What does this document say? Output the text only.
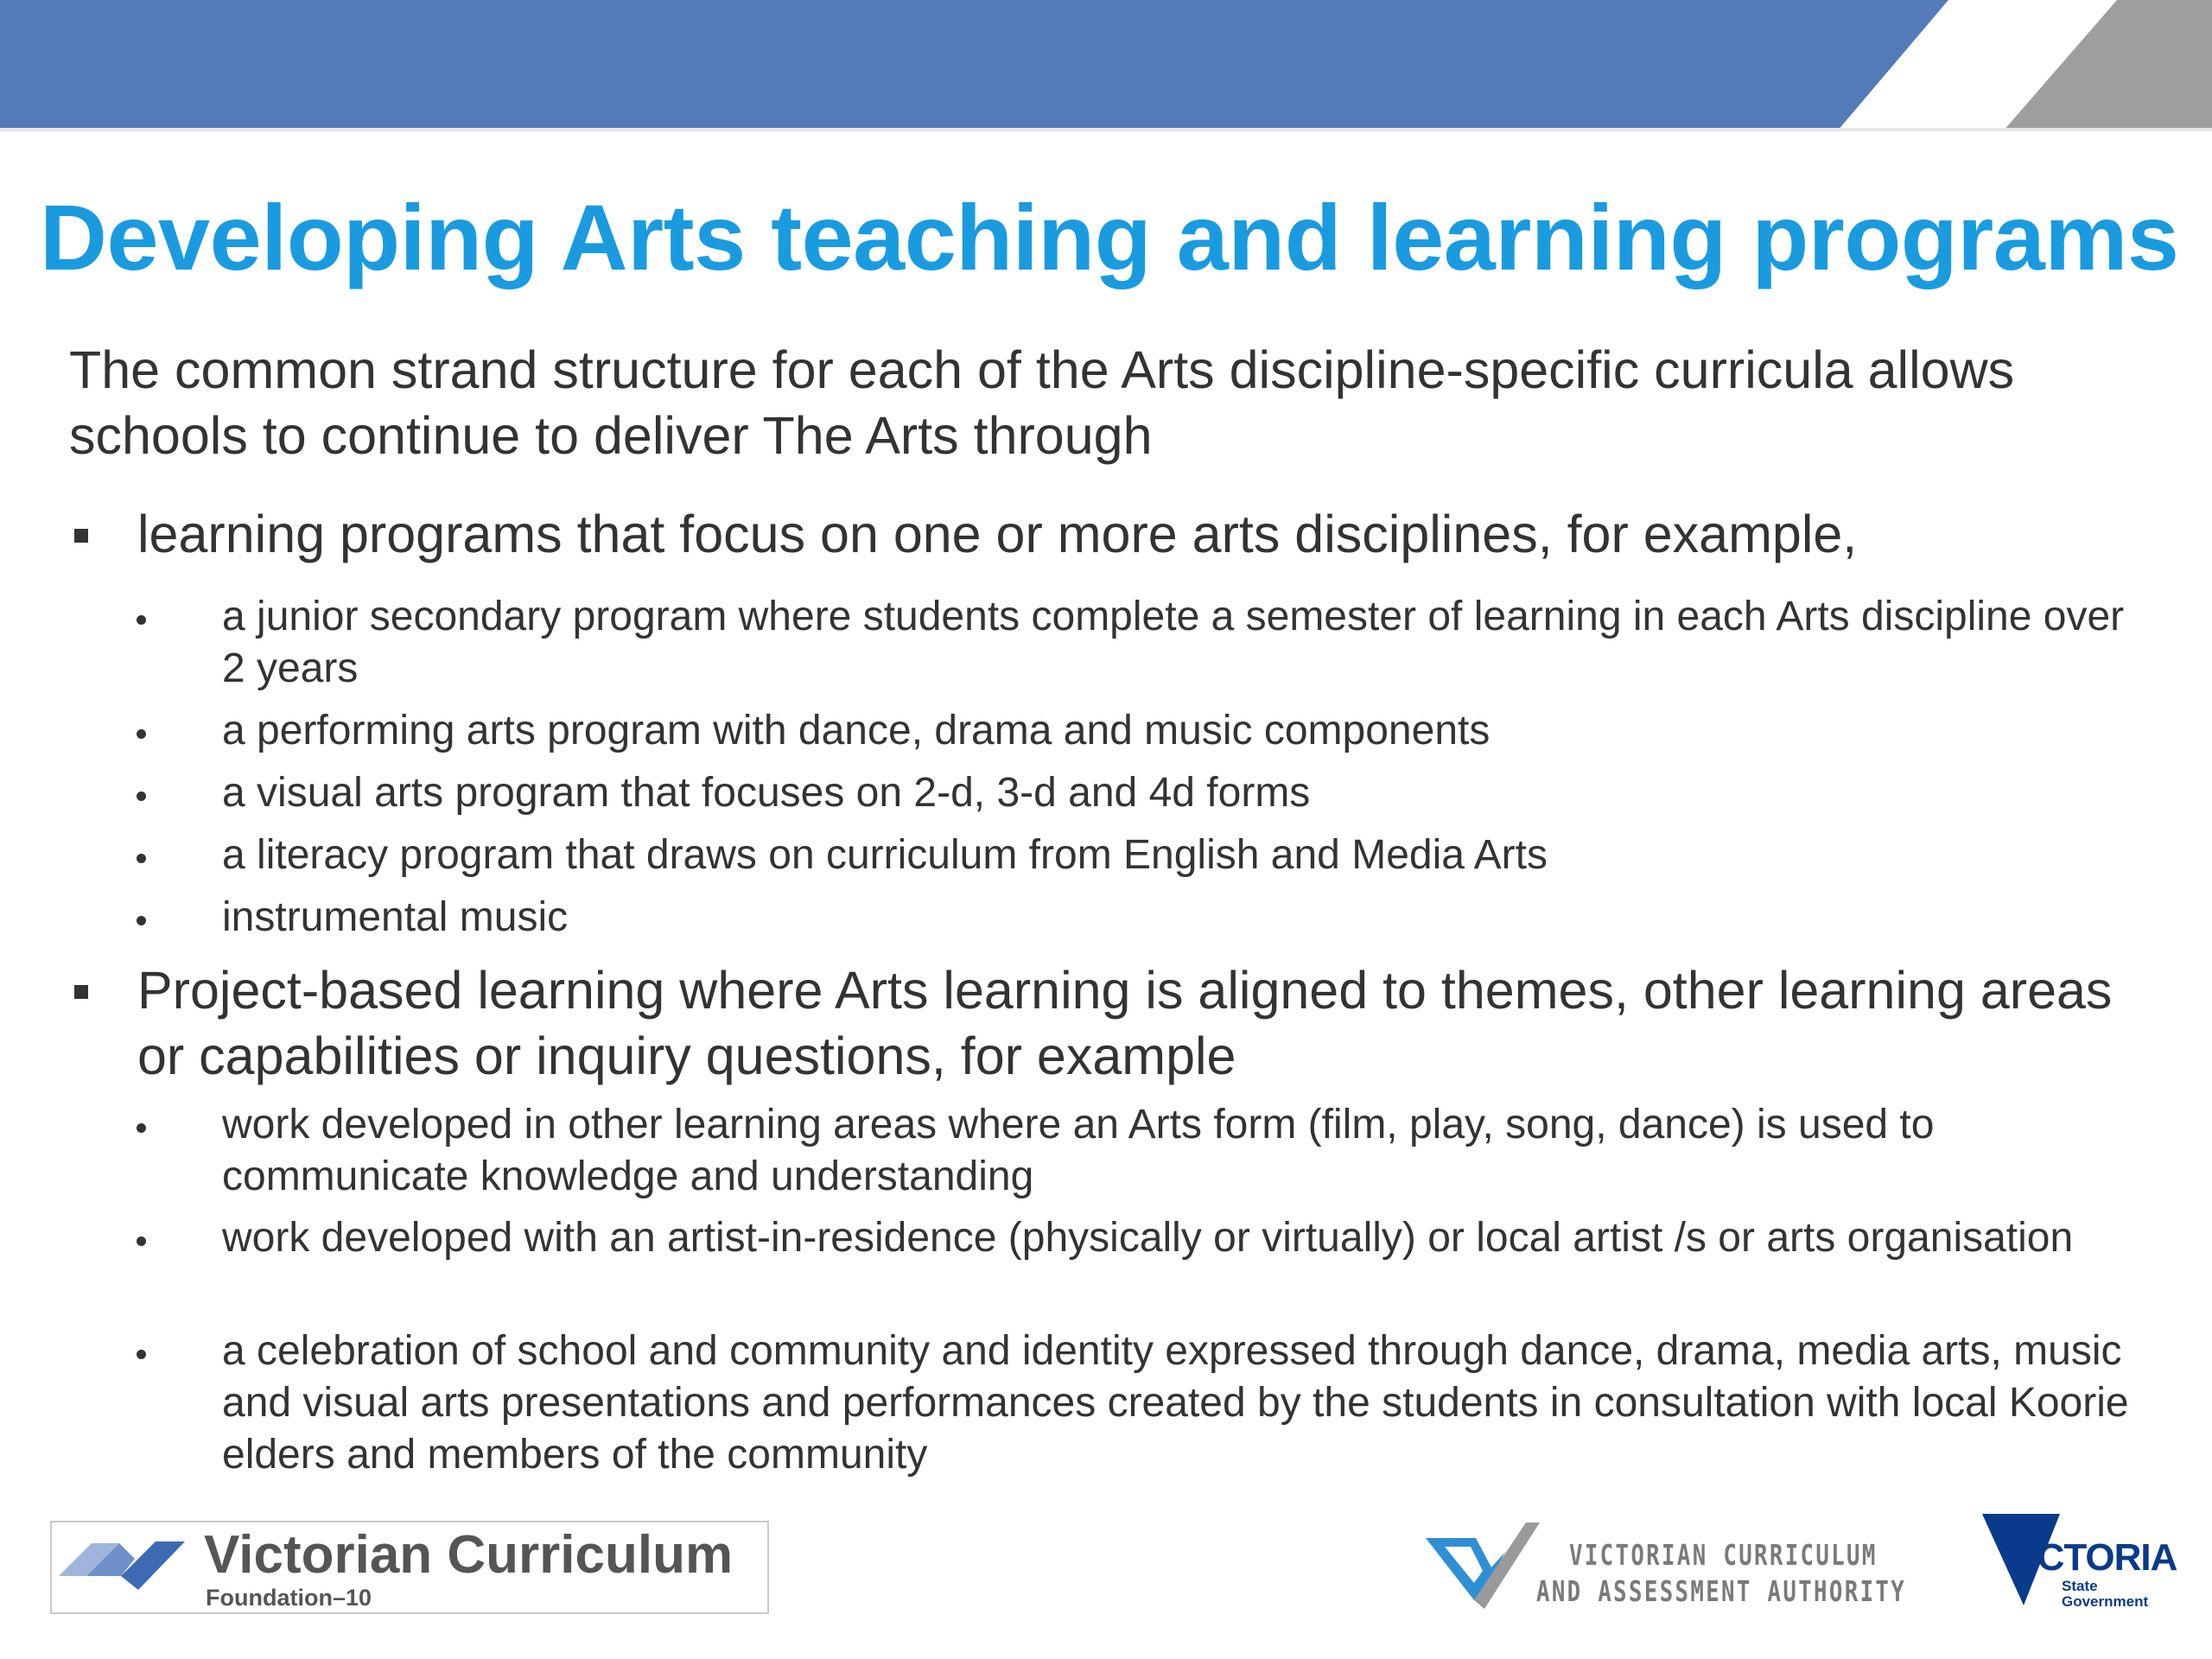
Developing Arts teaching and learning programs

The common strand structure for each of the Arts discipline-specific curricula allows schools to continue to deliver The Arts through

learning programs that focus on one or more arts disciplines, for example,
a junior secondary program where students complete a semester of learning in each Arts discipline over 2 years
a performing arts program with dance, drama and music components
a visual arts program that focuses on 2-d, 3-d and 4d forms
a literacy program that draws on curriculum from English and Media Arts
instrumental music
Project-based learning where Arts learning is aligned to themes, other learning areas or capabilities or inquiry questions, for example
work developed in other learning areas where an Arts form (film, play, song, dance) is used to communicate knowledge and understanding
work developed with an artist-in-residence (physically or virtually) or local artist /s or arts organisation
a celebration of school and community and identity expressed through dance, drama, media arts, music and visual arts presentations and performances created by the students in consultation with local Koorie elders and members of the community
Victorian Curriculum
Foundation–10
VICTORIAN CURRICULUM
AND ASSESSMENT AUTHORITY
VICTORIA
State
Government
